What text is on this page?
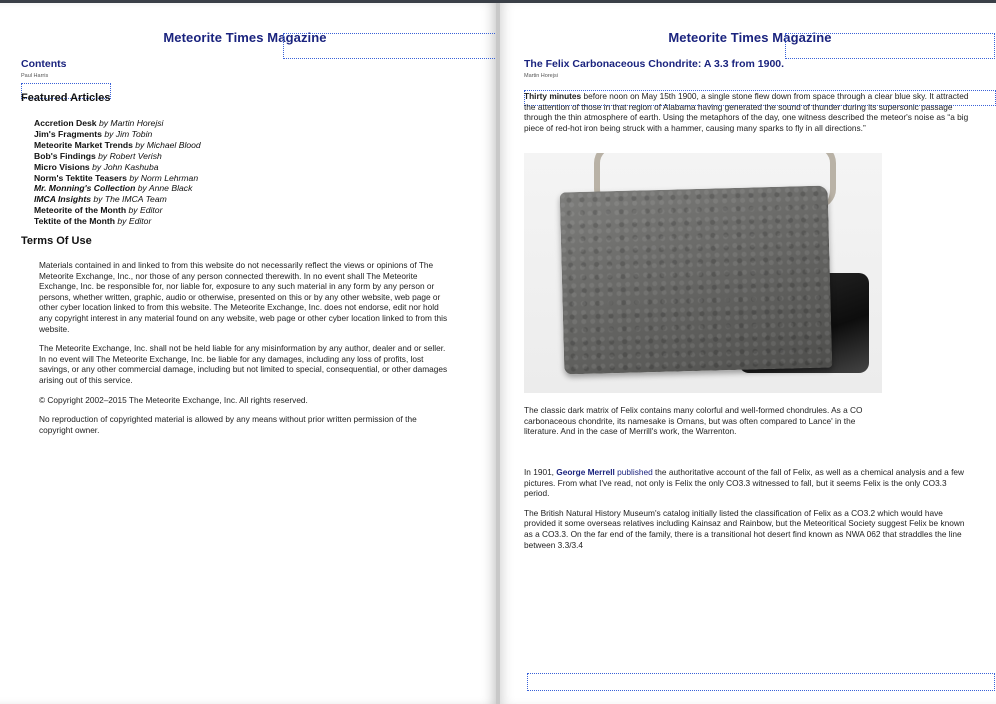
Meteorite Times Magazine
Contents
Paul Harris
Featured Articles
Accretion Desk by Martin Horejsi
Jim's Fragments by Jim Tobin
Meteorite Market Trends by Michael Blood
Bob's Findings by Robert Verish
Micro Visions by John Kashuba
Norm's Tektite Teasers by Norm Lehrman
Mr. Monning's Collection by Anne Black
IMCA Insights by The IMCA Team
Meteorite of the Month by Editor
Tektite of the Month by Editor
Terms Of Use

Materials contained in and linked to from this website do not necessarily reflect the views or opinions of The Meteorite Exchange, Inc., nor those of any person connected therewith. In no event shall The Meteorite Exchange, Inc. be responsible for, nor liable for, exposure to any such material in any form by any person or persons, whether written, graphic, audio or otherwise, presented on this or by any other website, web page or other cyber location linked to from this website. The Meteorite Exchange, Inc. does not endorse, edit nor hold any copyright interest in any material found on any website, web page or other cyber location linked to from this website.

The Meteorite Exchange, Inc. shall not be held liable for any misinformation by any author, dealer and or seller. In no event will The Meteorite Exchange, Inc. be liable for any damages, including any loss of profits, lost savings, or any other commercial damage, including but not limited to special, consequential, or other damages arising out of this service.

© Copyright 2002–2015 The Meteorite Exchange, Inc. All rights reserved.

No reproduction of copyrighted material is allowed by any means without prior written permission of the copyright owner.

Meteorite Times Magazine
The Felix Carbonaceous Chondrite: A 3.3 from 1900.
Martin Horejsi

Thirty minutes before noon on May 15th 1900, a single stone flew down from space through a clear blue sky. It attracted the attention of those in that region of Alabama having generated the sound of thunder during its supersonic passage through the thin atmosphere of earth. Using the metaphors of the day, one witness described the meteor's noise as “a big piece of red-hot iron being struck with a hammer, causing many sparks to fly in all directions.”

The classic dark matrix of Felix contains many colorful and well-formed chondrules. As a CO carbonaceous chondrite, its namesake is Ornans, but was often compared to Lance' in the literature. And in the case of Merrill's work, the Warrenton.

In 1901, George Merrell published the authoritative account of the fall of Felix, as well as a chemical analysis and a few pictures. From what I've read, not only is Felix the only CO3.3 witnessed to fall, but it seems Felix is the only CO3.3 period.

The British Natural History Museum's catalog initially listed the classification of Felix as a CO3.2 which would have provided it some overseas relatives including Kainsaz and Rainbow, but the Meteoritical Society suggest Felix be known as a CO3.3. On the far end of the family, there is a transitional hot desert find known as NWA 062 that straddles the line between 3.3/3.4
